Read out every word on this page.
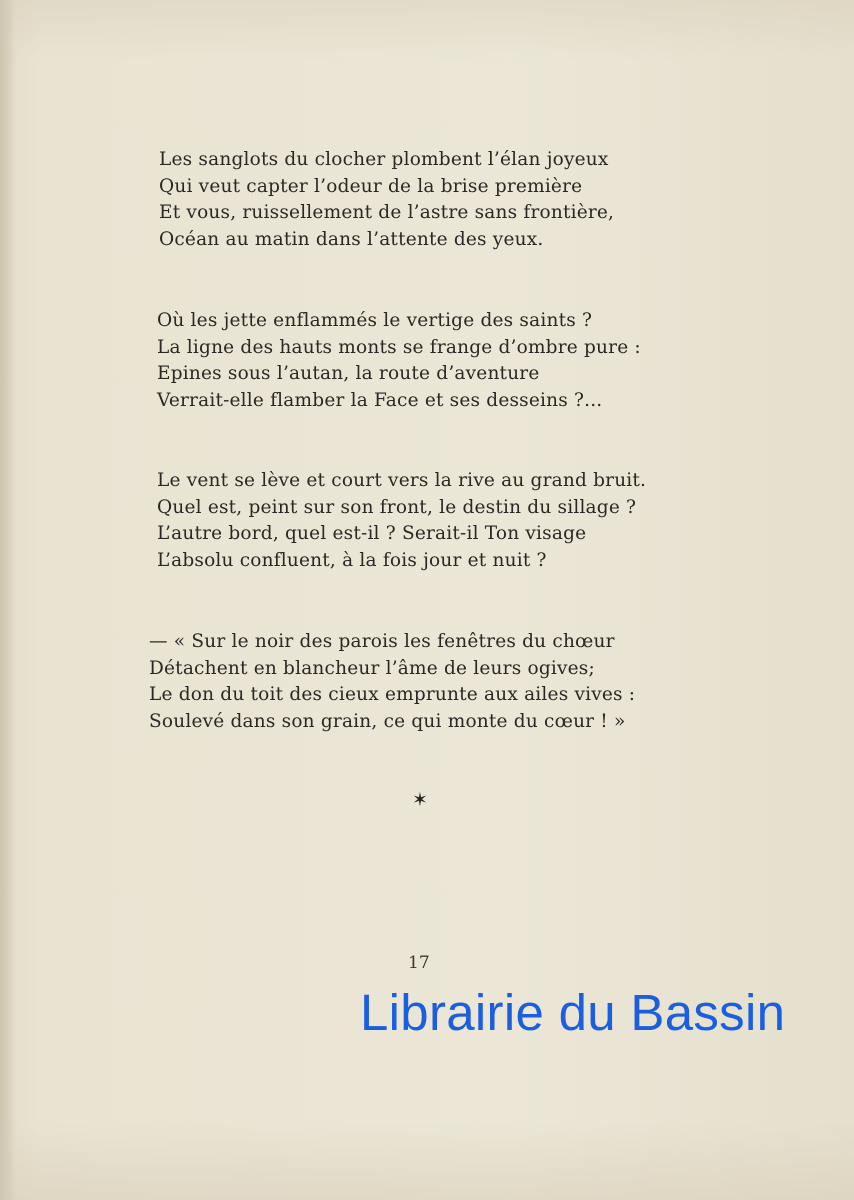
Les sanglots du clocher plombent l’élan joyeux
Qui veut capter l’odeur de la brise première
Et vous, ruissellement de l’astre sans frontière,
Océan au matin dans l’attente des yeux.
Où les jette enflammés le vertige des saints ?
La ligne des hauts monts se frange d’ombre pure :
Epines sous l’autan, la route d’aventure
Verrait-elle flamber la Face et ses desseins ?...
Le vent se lève et court vers la rive au grand bruit.
Quel est, peint sur son front, le destin du sillage ?
L’autre bord, quel est-il ? Serait-il Ton visage
L’absolu confluent, à la fois jour et nuit ?
— « Sur le noir des parois les fenêtres du chœur
Détachent en blancheur l’âme de leurs ogives;
Le don du toit des cieux emprunte aux ailes vives :
Soulevé dans son grain, ce qui monte du cœur ! »
✶
17
Librairie du Bassin
